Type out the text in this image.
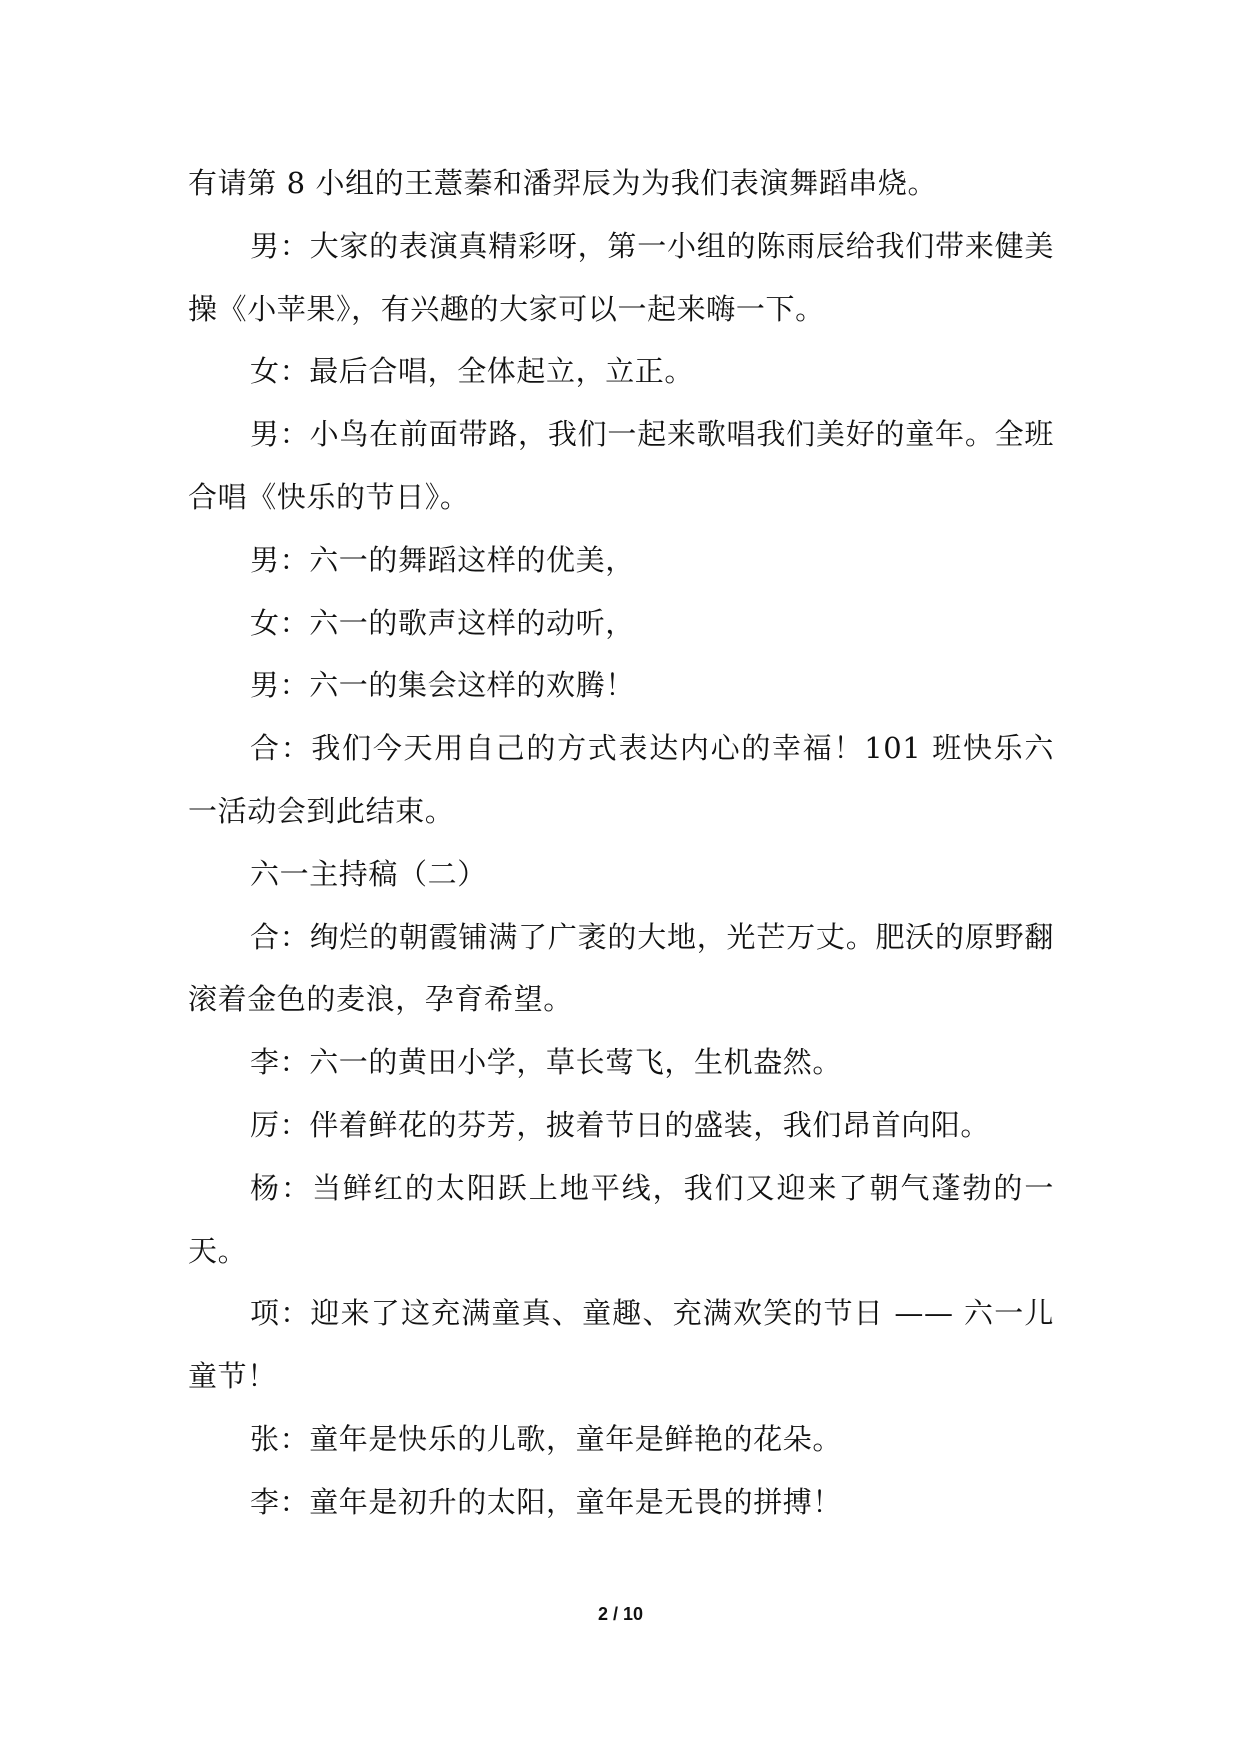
有请第 8 小组的王薏蓁和潘羿辰为为我们表演舞蹈串烧。

男：大家的表演真精彩呀，第一小组的陈雨辰给我们带来健美操《小苹果》，有兴趣的大家可以一起来嗨一下。

女：最后合唱，全体起立，立正。

男：小鸟在前面带路，我们一起来歌唱我们美好的童年。全班合唱《快乐的节日》。

男：六一的舞蹈这样的优美，

女：六一的歌声这样的动听，

男：六一的集会这样的欢腾！

合：我们今天用自己的方式表达内心的幸福！101 班快乐六一活动会到此结束。

六一主持稿（二）

合：绚烂的朝霞铺满了广袤的大地，光芒万丈。肥沃的原野翻滚着金色的麦浪，孕育希望。

李：六一的黄田小学，草长莺飞，生机盎然。

厉：伴着鲜花的芬芳，披着节日的盛装，我们昂首向阳。

杨：当鲜红的太阳跃上地平线，我们又迎来了朝气蓬勃的一天。

项：迎来了这充满童真、童趣、充满欢笑的节日 —— 六一儿童节！

张：童年是快乐的儿歌，童年是鲜艳的花朵。

李：童年是初升的太阳，童年是无畏的拼搏！

2 / 10
